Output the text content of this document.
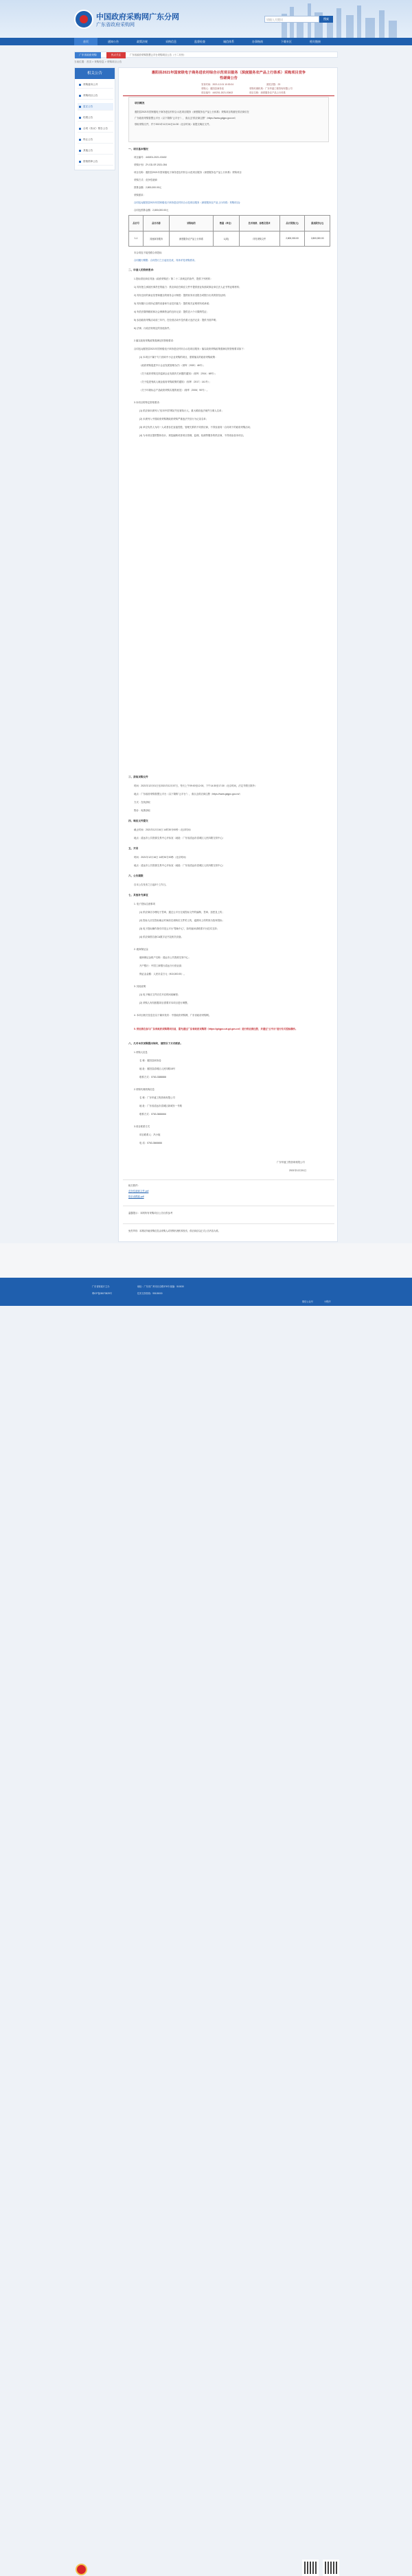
中国政府采购网广东分网
广东省政府采购网
请输入关键词	搜索
首页	通知公告	政策法规	采购信息	监督检查	诚信体系	办事指南	下载专区	相关链接
广东省政府采购	热点关注	广东省政府采购智慧云平台采购项目公告（十二月份）
当前位置：首页 > 采购信息 > 采购项目公告
相关公告
采购意向公开
采购项目公告
更正公告
结果公告
合同（协议）预告公告
终止公告
其他公告
资格预审公告
惠阳县2021年国家级电子商务进农村综合示范项目服务（深度服务农产品上行体系）采购项目竞争
性磋商公告
发布时间：2021-12-01 10:30:24	浏览次数：23
采购人：惠阳县商务局	采购代理机构：广东华盛工程咨询有限公司
项目编号：440201-2021-03402	项目名称：深度服务农产品上行体系
项目概况
惠阳县2021年国家级电子商务进农村综合示范项目服务（深度服务农产品上行体系）采购项目的潜在供应商应在
广东政府采购智慧云平台（以下简称"云平台"），请点击"供应商注册"（https://www.gdgpo.gov.cn/）
领取采购文件，并于2021年12月16日14:30（北京时间）前提交响应文件。
一、项目基本情况
项目编号：440201-2021-03402
采购计划：ZY-GD-SF-2021-054
项目名称：惠阳县2021年国家级电子商务进农村综合示范项目服务（深度服务农产品上行体系）采购项目
采购方式：竞争性磋商
预算金额：2,800,000.00元
采购需求：
合同包1(惠阳县2021年国家级电子商务进农村综合示范项目服务（深度服务农产品上行体系）采购项目)：
合同包预算金额：2,800,000.00元
品目号	品目名称	采购标的	数量（单位）	技术规格、参数及要求	品目预算(元)	最高限价(元)
1-1	其他商务服务	深度服务农产品上行体系	1(项)	详见采购文件	2,800,000.00	2,800,000.00
本合同包不接受联合体投标
合同履行期限：合同签订之日起至完成，具体详见采购需求。
二、申请人的资格要求：
1.投标供应商应具备《政府采购法》第二十二条规定的条件，提供下列材料：
1) 具有独立承担民事责任的能力：供应商应在响应文件中提供营业执照或事业单位法人证书等证明材料；
2) 具有良好的商业信誉和健全的财务会计制度：提供财务状况报告或银行出具的资信证明；
3) 具有履行合同所必需的设备和专业技术能力：提供相关证明材料或承诺；
4) 有依法缴纳税收和社会保障资金的良好记录：提供近六个月缴纳凭证；
5) 参加政府采购活动前三年内，在经营活动中没有重大违法记录：提供书面声明；
6) 法律、行政法规规定的其他条件。
2.落实政府采购政策需满足的资格要求：
合同包1(惠阳县2021年国家级电子商务进农村综合示范项目服务）落实政府采购政策需满足的资格要求如下：
(1) 本项目不属于专门面向中小企业采购的项目，需要落实的政府采购政策：
《政府采购促进中小企业发展管理办法》（财库〔2020〕46号）；
《关于政府采购支持监狱企业发展有关问题的通知》（财库〔2014〕68号）；
《关于促进残疾人就业政府采购政策的通知》（财库〔2017〕141号）；
《关于环境标志产品政府采购实施的意见》（财库〔2006〕90号）。
3.本项目的特定资格要求：
(1) 供应商未被列入"信用中国"网站失信被执行人、重大税收违法案件当事人名单；
(2) 未被列入中国政府采购网政府采购严重违法失信行为记录名单；
(3) 单位负责人为同一人或者存在直接控股、管理关系的不同供应商，不得参加同一合同项下的政府采购活动；
(4) 为本项目提供整体设计、规范编制或者项目管理、监理、检测等服务的供应商，不得再参加本项目。
三、获取采购文件
时间：2021年12月01日至2021年12月07日，每天上午09:00至12:00，下午14:30至17:30（北京时间，法定节假日除外）
地点：广东政府采购智慧云平台（以下简称"云平台"），请点击供应商注册（https://www.gdgpo.gov.cn/）
方式：在线获取
售价：免费获取
四、响应文件提交
截止时间：2021年12月16日 14时30分00秒（北京时间）
地点：清远市公共资源交易中心开标室（地址：广东省清远市清城区人民四路交易中心）
五、开启
时间：2021年12月16日 14时30分00秒（北京时间）
地点：清远市公共资源交易中心开标室（地址：广东省清远市清城区人民四路交易中心）
六、公告期限
自本公告发布之日起3个工作日。
七、其他补充事宜
1. 电子投标注意事项
(1) 供应商应办理电子签章，通过云平台完成投标文件的编制、签章、加密及上传；
(2) 投标人应在投标截止时间前完成响应文件的上传，逾期未上传的视为放弃投标；
(3) 电子投标操作指引详见云平台"帮助中心"，如有疑问请联系平台技术支持；
(4) 供应商需自备CA数字证书及相关设备。
2. 磋商保证金
磋商保证金账户名称：清远市公共资源交易中心；
开户银行：中国工商银行清远分行营业部；
保证金金额：人民币壹万元（¥10,000.00）。
3. 其他说明
(1) 电子响应文件应在开启时间前解密；
(2) 采购人有权根据项目需要对本项目进行调整。
4. 本项目相关信息在以下媒体发布：中国政府采购网、广东省政府采购网。
5. 供应商在参与广东省政府采购网项目前，需先通过广东省政府采购网（https://gdgpo.czt.gd.gov.cn/）进行供应商注册，并通过"云平台"进行有关投标操作。
八、凡对本次采购提出询问，请按以下方式联系。
1.采购人信息
名 称：惠阳县商务局
地 址：惠阳县清城区人民四路18号
联系方式：0763-3388888
2.采购代理机构信息
名 称：广东华盛工程咨询有限公司
地 址：广东省清远市清城区新城东一号路
联系方式：0763-3666666
3.项目联系方式
项目联系人：冯小姐
电 话：0763-3666666
广东华盛工程咨询有限公司
2021年12月01日
相关附件：
竞争性磋商文件.pdf
报价表模板.pdf
温馨提示：本网所有采购项目公告仅供参考
免责声明：本网站所载采购信息由采购人或采购代理机构发布，供应商应以正式公告内容为准。
广东省财政厅主办	地址：广东省广州市北京路376号 邮编：510030
粤ICP备05070829号	技术支持热线：95105000
微信公众号	小程序
